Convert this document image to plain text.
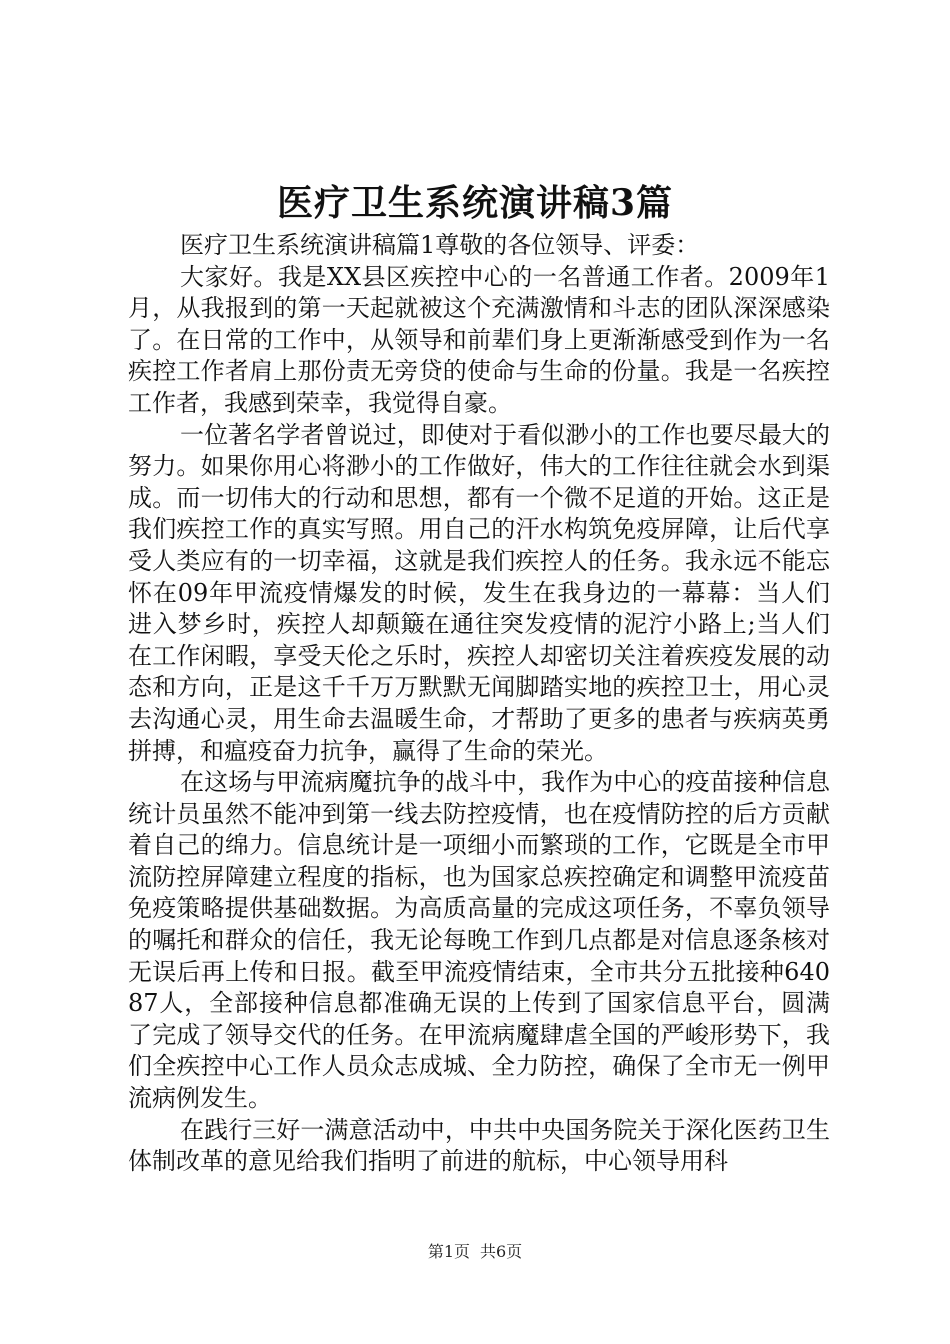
医疗卫生系统演讲稿3篇

医疗卫生系统演讲稿篇1尊敬的各位领导、评委：

大家好。我是XX县区疾控中心的一名普通工作者。2009年1月，从我报到的第一天起就被这个充满激情和斗志的团队深深感染了。在日常的工作中，从领导和前辈们身上更渐渐感受到作为一名疾控工作者肩上那份责无旁贷的使命与生命的份量。我是一名疾控工作者，我感到荣幸，我觉得自豪。

一位著名学者曾说过，即使对于看似渺小的工作也要尽最大的努力。如果你用心将渺小的工作做好，伟大的工作往往就会水到渠成。而一切伟大的行动和思想，都有一个微不足道的开始。这正是我们疾控工作的真实写照。用自己的汗水构筑免疫屏障，让后代享受人类应有的一切幸福，这就是我们疾控人的任务。我永远不能忘怀在09年甲流疫情爆发的时候，发生在我身边的一幕幕：当人们进入梦乡时，疾控人却颠簸在通往突发疫情的泥泞小路上;当人们在工作闲暇，享受天伦之乐时，疾控人却密切关注着疾疫发展的动态和方向，正是这千千万万默默无闻脚踏实地的疾控卫士，用心灵去沟通心灵，用生命去温暖生命，才帮助了更多的患者与疾病英勇拼搏，和瘟疫奋力抗争，赢得了生命的荣光。

在这场与甲流病魔抗争的战斗中，我作为中心的疫苗接种信息统计员虽然不能冲到第一线去防控疫情，也在疫情防控的后方贡献着自己的绵力。信息统计是一项细小而繁琐的工作，它既是全市甲流防控屏障建立程度的指标，也为国家总疾控确定和调整甲流疫苗免疫策略提供基础数据。为高质高量的完成这项任务，不辜负领导的嘱托和群众的信任，我无论每晚工作到几点都是对信息逐条核对无误后再上传和日报。截至甲流疫情结束，全市共分五批接种64087人，全部接种信息都准确无误的上传到了国家信息平台，圆满了完成了领导交代的任务。在甲流病魔肆虐全国的严峻形势下，我们全疾控中心工作人员众志成城、全力防控，确保了全市无一例甲流病例发生。

在践行三好一满意活动中，中共中央国务院关于深化医药卫生体制改革的意见给我们指明了前进的航标，中心领导用科

第1页 共6页
